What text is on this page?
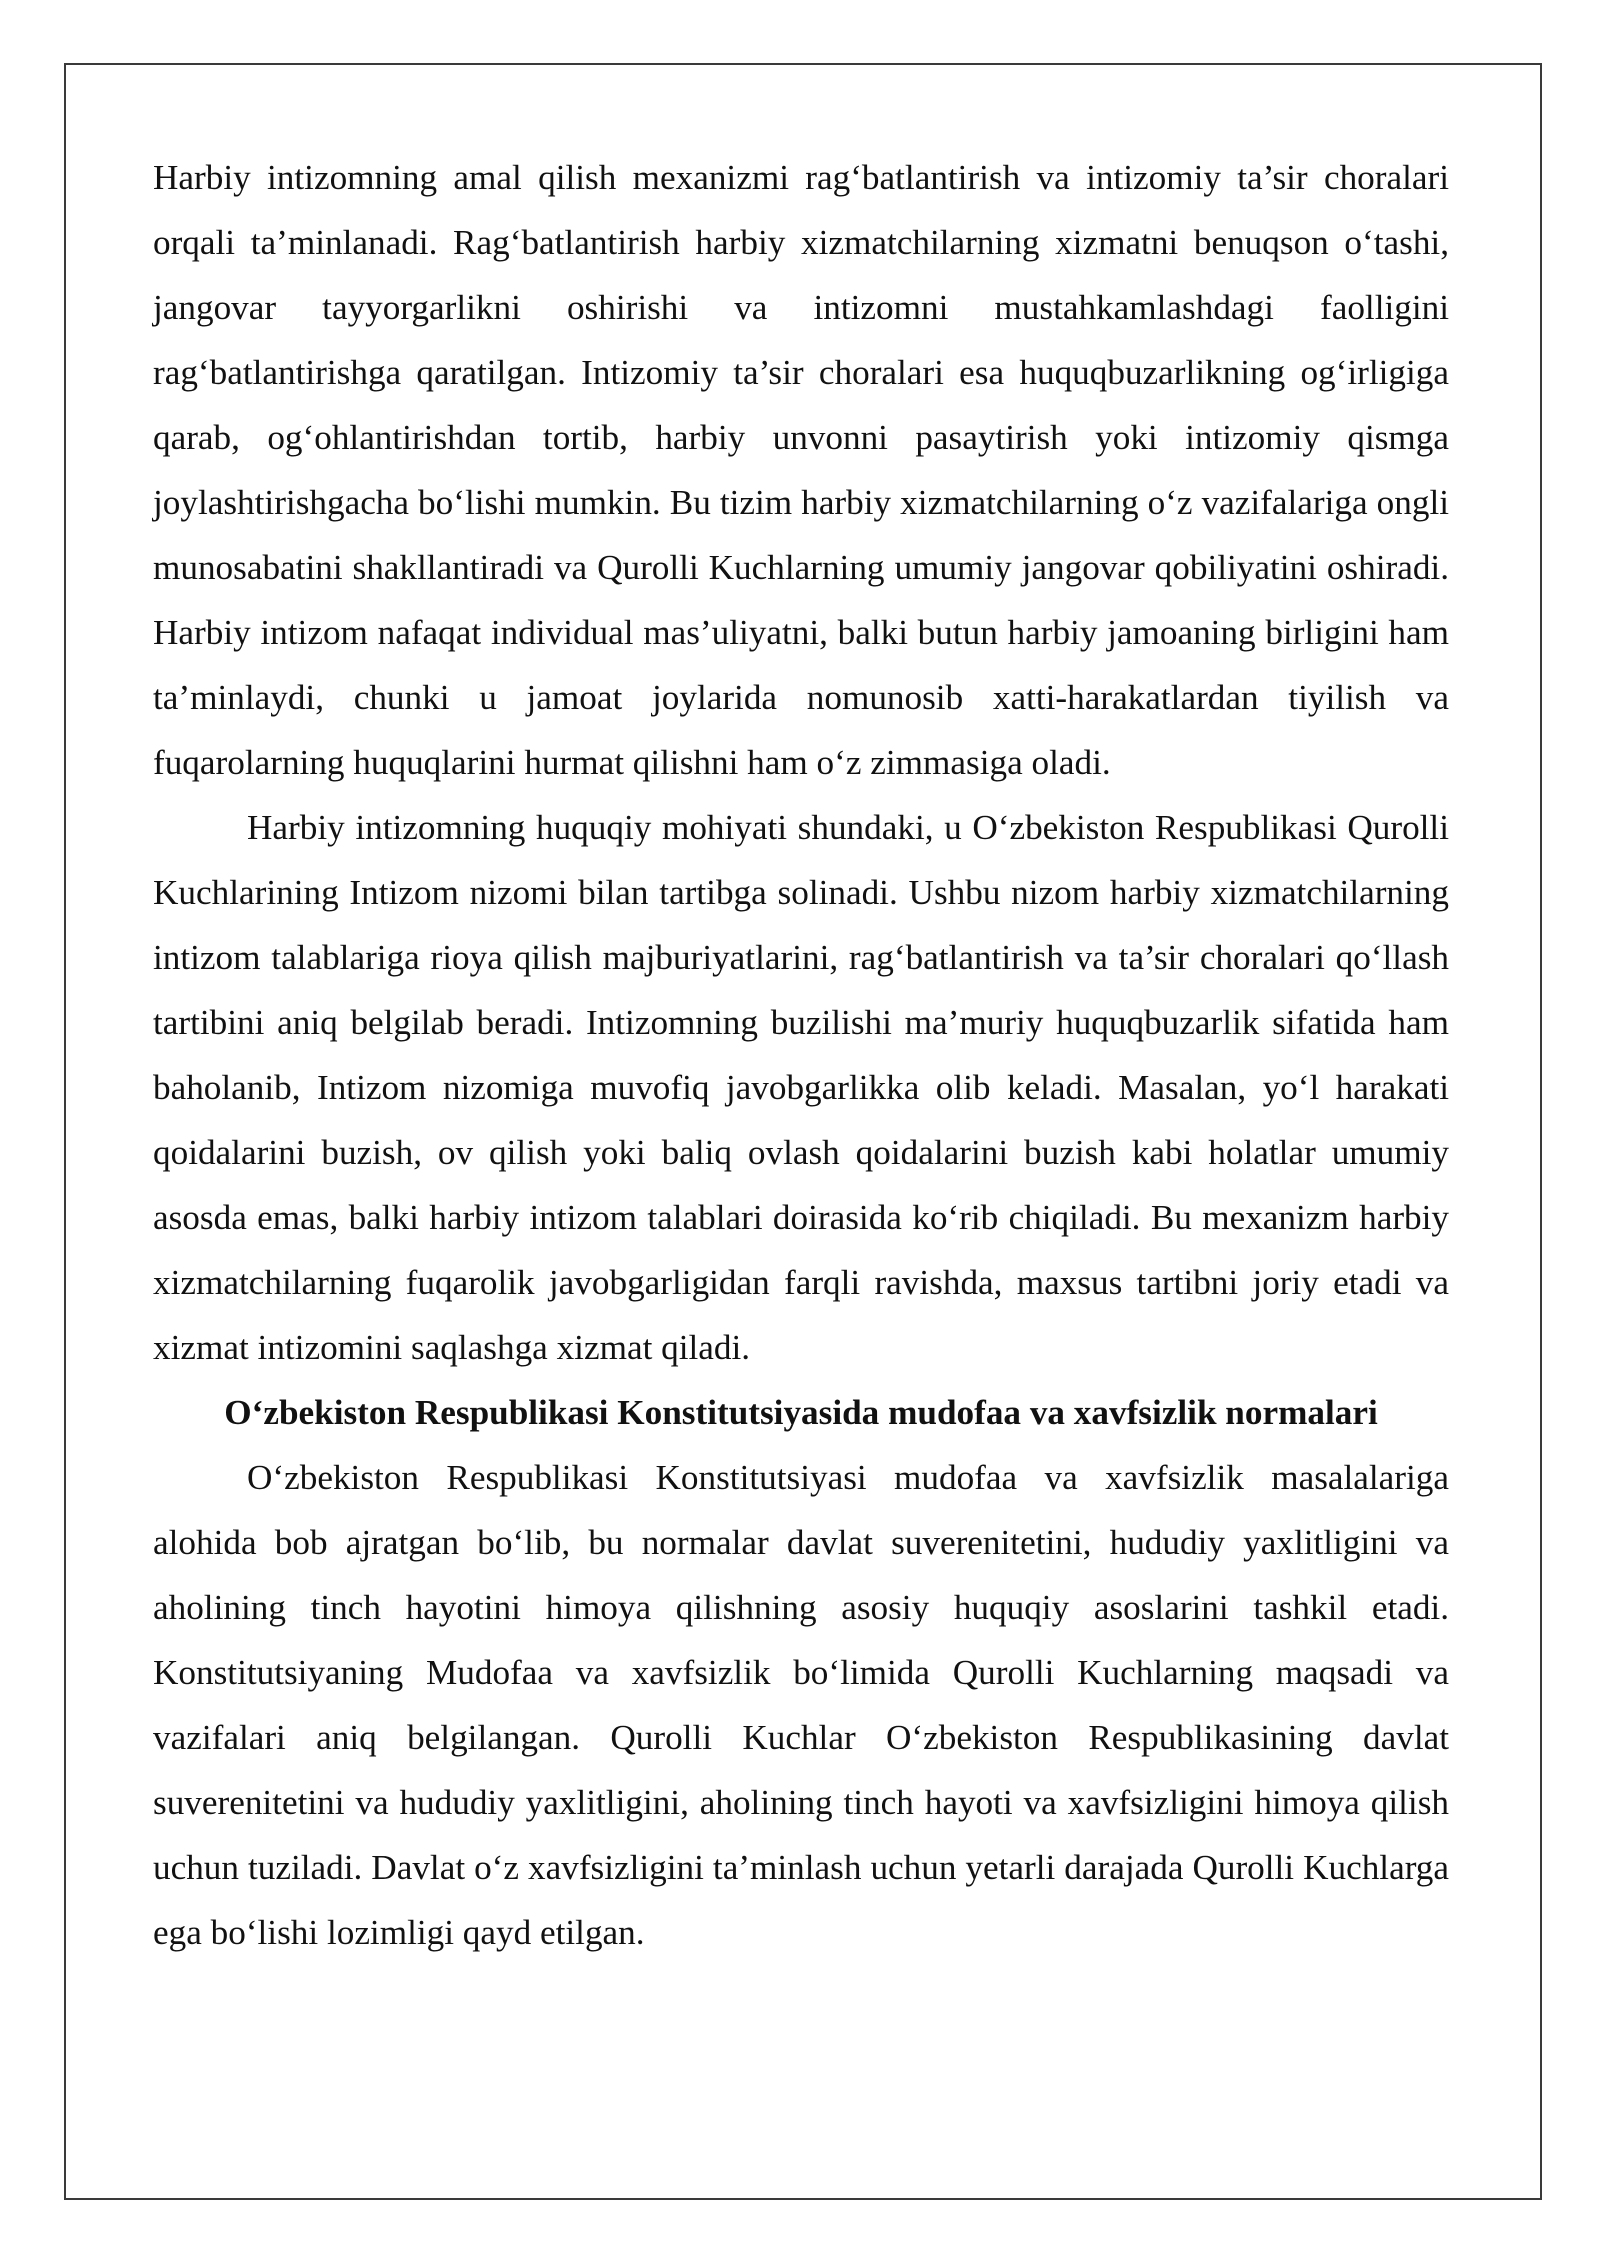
Harbiy intizomning amal qilish mexanizmi rag‘batlantirish va intizomiy ta’sir choralari orqali ta’minlanadi. Rag‘batlantirish harbiy xizmatchilarning xizmatni benuqson o‘tashi, jangovar tayyorgarlikni oshirishi va intizomni mustahkamlashdagi faolligini rag‘batlantirishga qaratilgan. Intizomiy ta’sir choralari esa huquqbuzarlikning og‘irligiga qarab, og‘ohlantirishdan tortib, harbiy unvonni pasaytirish yoki intizomiy qismga joylashtirishgacha bo‘lishi mumkin. Bu tizim harbiy xizmatchilarning o‘z vazifalariga ongli munosabatini shakllantiradi va Qurolli Kuchlarning umumiy jangovar qobiliyatini oshiradi. Harbiy intizom nafaqat individual mas’uliyatni, balki butun harbiy jamoaning birligini ham ta’minlaydi, chunki u jamoat joylarida nomunosib xatti-harakatlardan tiyilish va fuqarolarning huquqlarini hurmat qilishni ham o‘z zimmasiga oladi.

Harbiy intizomning huquqiy mohiyati shundaki, u O‘zbekiston Respublikasi Qurolli Kuchlarining Intizom nizomi bilan tartibga solinadi. Ushbu nizom harbiy xizmatchilarning intizom talablariga rioya qilish majburiyatlarini, rag‘batlantirish va ta’sir choralari qo‘llash tartibini aniq belgilab beradi. Intizomning buzilishi ma’muriy huquqbuzarlik sifatida ham baholanib, Intizom nizomiga muvofiq javobgarlikka olib keladi. Masalan, yo‘l harakati qoidalarini buzish, ov qilish yoki baliq ovlash qoidalarini buzish kabi holatlar umumiy asosda emas, balki harbiy intizom talablari doirasida ko‘rib chiqiladi. Bu mexanizm harbiy xizmatchilarning fuqarolik javobgarligidan farqli ravishda, maxsus tartibni joriy etadi va xizmat intizomini saqlashga xizmat qiladi.

O‘zbekiston Respublikasi Konstitutsiyasida mudofaa va xavfsizlik normalari

O‘zbekiston Respublikasi Konstitutsiyasi mudofaa va xavfsizlik masalalariga alohida bob ajratgan bo‘lib, bu normalar davlat suverenitetini, hududiy yaxlitligini va aholining tinch hayotini himoya qilishning asosiy huquqiy asoslarini tashkil etadi. Konstitutsiyaning Mudofaa va xavfsizlik bo‘limida Qurolli Kuchlarning maqsadi va vazifalari aniq belgilangan. Qurolli Kuchlar O‘zbekiston Respublikasining davlat suverenitetini va hududiy yaxlitligini, aholining tinch hayoti va xavfsizligini himoya qilish uchun tuziladi. Davlat o‘z xavfsizligini ta’minlash uchun yetarli darajada Qurolli Kuchlarga ega bo‘lishi lozimligi qayd etilgan.
